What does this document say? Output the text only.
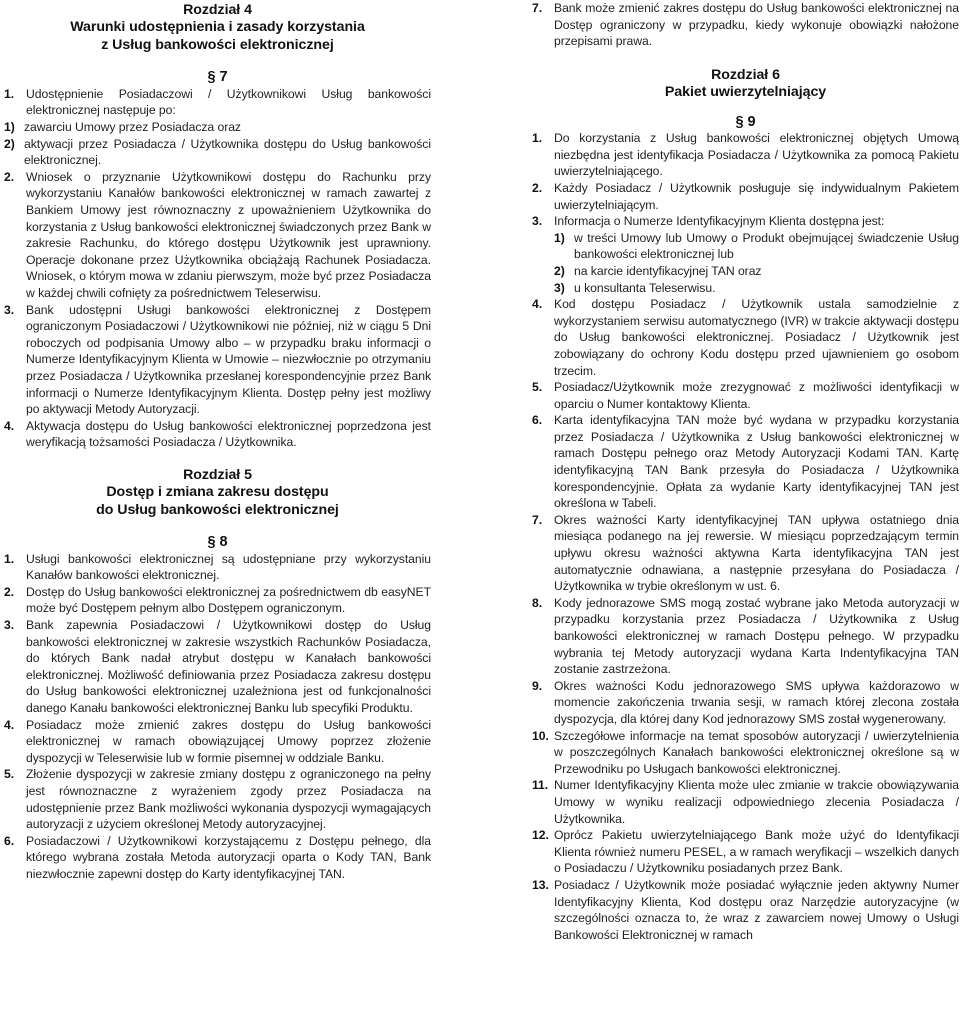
Rozdział 4
Warunki udostępnienia i zasady korzystania
z Usług bankowości elektronicznej
§ 7
1. Udostępnienie Posiadaczowi / Użytkownikowi Usług bankowości elektronicznej następuje po:
1) zawarciu Umowy przez Posiadacza oraz
2) aktywacji przez Posiadacza / Użytkownika dostępu do Usług bankowości elektronicznej.
2. Wniosek o przyznanie Użytkownikowi dostępu do Rachunku przy wykorzystaniu Kanałów bankowości elektronicznej w ramach zawartej z Bankiem Umowy jest równoznaczny z upoważnieniem Użytkownika do korzystania z Usług bankowości elektronicznej świadczonych przez Bank w zakresie Rachunku, do którego dostępu Użytkownik jest uprawniony. Operacje dokonane przez Użytkownika obciążają Rachunek Posiadacza. Wniosek, o którym mowa w zdaniu pierwszym, może być przez Posiadacza w każdej chwili cofnięty za pośrednictwem Teleserwisu.
3. Bank udostępni Usługi bankowości elektronicznej z Dostępem ograniczonym Posiadaczowi / Użytkownikowi nie później, niż w ciągu 5 Dni roboczych od podpisania Umowy albo – w przypadku braku informacji o Numerze Identyfikacyjnym Klienta w Umowie – niezwłocznie po otrzymaniu przez Posiadacza / Użytkownika przesłanej korespondencyjnie przez Bank informacji o Numerze Identyfikacyjnym Klienta. Dostęp pełny jest możliwy po aktywacji Metody Autoryzacji.
4. Aktywacja dostępu do Usług bankowości elektronicznej poprzedzona jest weryfikacją tożsamości Posiadacza / Użytkownika.
Rozdział 5
Dostęp i zmiana zakresu dostępu
do Usług bankowości elektronicznej
§ 8
1. Usługi bankowości elektronicznej są udostępniane przy wykorzystaniu Kanałów bankowości elektronicznej.
2. Dostęp do Usług bankowości elektronicznej za pośrednictwem db easyNET może być Dostępem pełnym albo Dostępem ograniczonym.
3. Bank zapewnia Posiadaczowi / Użytkownikowi dostęp do Usług bankowości elektronicznej w zakresie wszystkich Rachunków Posiadacza, do których Bank nadał atrybut dostępu w Kanałach bankowości elektronicznej. Możliwość definiowania przez Posiadacza zakresu dostępu do Usług bankowości elektronicznej uzależniona jest od funkcjonalności danego Kanału bankowości elektronicznej Banku lub specyfiki Produktu.
4. Posiadacz może zmienić zakres dostępu do Usług bankowości elektronicznej w ramach obowiązującej Umowy poprzez złożenie dyspozycji w Teleserwisie lub w formie pisemnej w oddziale Banku.
5. Złożenie dyspozycji w zakresie zmiany dostępu z ograniczonego na pełny jest równoznaczne z wyrażeniem zgody przez Posiadacza na udostępnienie przez Bank możliwości wykonania dyspozycji wymagających autoryzacji z użyciem określonej Metody autoryzacyjnej.
6. Posiadaczowi / Użytkownikowi korzystającemu z Dostępu pełnego, dla którego wybrana została Metoda autoryzacji oparta o Kody TAN, Bank niezwłocznie zapewni dostęp do Karty identyfikacyjnej TAN.
7. Bank może zmienić zakres dostępu do Usług bankowości elektronicznej na Dostęp ograniczony w przypadku, kiedy wykonuje obowiązki nałożone przepisami prawa.
Rozdział 6
Pakiet uwierzytelniający
§ 9
1. Do korzystania z Usług bankowości elektronicznej objętych Umową niezbędna jest identyfikacja Posiadacza / Użytkownika za pomocą Pakietu uwierzytelniającego.
2. Każdy Posiadacz / Użytkownik posługuje się indywidualnym Pakietem uwierzytelniającym.
3. Informacja o Numerze Identyfikacyjnym Klienta dostępna jest:
1) w treści Umowy lub Umowy o Produkt obejmującej świadczenie Usług bankowości elektronicznej lub
2) na karcie identyfikacyjnej TAN oraz
3) u konsultanta Teleserwisu.
4. Kod dostępu Posiadacz / Użytkownik ustala samodzielnie z wykorzystaniem serwisu automatycznego (IVR) w trakcie aktywacji dostępu do Usług bankowości elektronicznej. Posiadacz / Użytkownik jest zobowiązany do ochrony Kodu dostępu przed ujawnieniem go osobom trzecim.
5. Posiadacz/Użytkownik może zrezygnować z możliwości identyfikacji w oparciu o Numer kontaktowy Klienta.
6. Karta identyfikacyjna TAN może być wydana w przypadku korzystania przez Posiadacza / Użytkownika z Usług bankowości elektronicznej w ramach Dostępu pełnego oraz Metody Autoryzacji Kodami TAN. Kartę identyfikacyjną TAN Bank przesyła do Posiadacza / Użytkownika korespondencyjnie. Opłata za wydanie Karty identyfikacyjnej TAN jest określona w Tabeli.
7. Okres ważności Karty identyfikacyjnej TAN upływa ostatniego dnia miesiąca podanego na jej rewersie. W miesiącu poprzedzającym termin upływu okresu ważności aktywna Karta identyfikacyjna TAN jest automatycznie odnawiana, a następnie przesyłana do Posiadacza / Użytkownika w trybie określonym w ust. 6.
8. Kody jednorazowe SMS mogą zostać wybrane jako Metoda autoryzacji w przypadku korzystania przez Posiadacza / Użytkownika z Usług bankowości elektronicznej w ramach Dostępu pełnego. W przypadku wybrania tej Metody autoryzacji wydana Karta Indentyfikacyjna TAN zostanie zastrzeżona.
9. Okres ważności Kodu jednorazowego SMS upływa każdorazowo w momencie zakończenia trwania sesji, w ramach której zlecona została dyspozycja, dla której dany Kod jednorazowy SMS został wygenerowany.
10. Szczegółowe informacje na temat sposobów autoryzacji / uwierzytelnienia w poszczególnych Kanałach bankowości elektronicznej określone są w Przewodniku po Usługach bankowości elektronicznej.
11. Numer Identyfikacyjny Klienta może ulec zmianie w trakcie obowiązywania Umowy w wyniku realizacji odpowiedniego zlecenia Posiadacza / Użytkownika.
12. Oprócz Pakietu uwierzytelniającego Bank może użyć do Identyfikacji Klienta również numeru PESEL, a w ramach weryfikacji – wszelkich danych o Posiadaczu / Użytkowniku posiadanych przez Bank.
13. Posiadacz / Użytkownik może posiadać wyłącznie jeden aktywny Numer Identyfikacyjny Klienta, Kod dostępu oraz Narzędzie autoryzacyjne (w szczególności oznacza to, że wraz z zawarciem nowej Umowy o Usługi Bankowości Elektronicznej w ramach
